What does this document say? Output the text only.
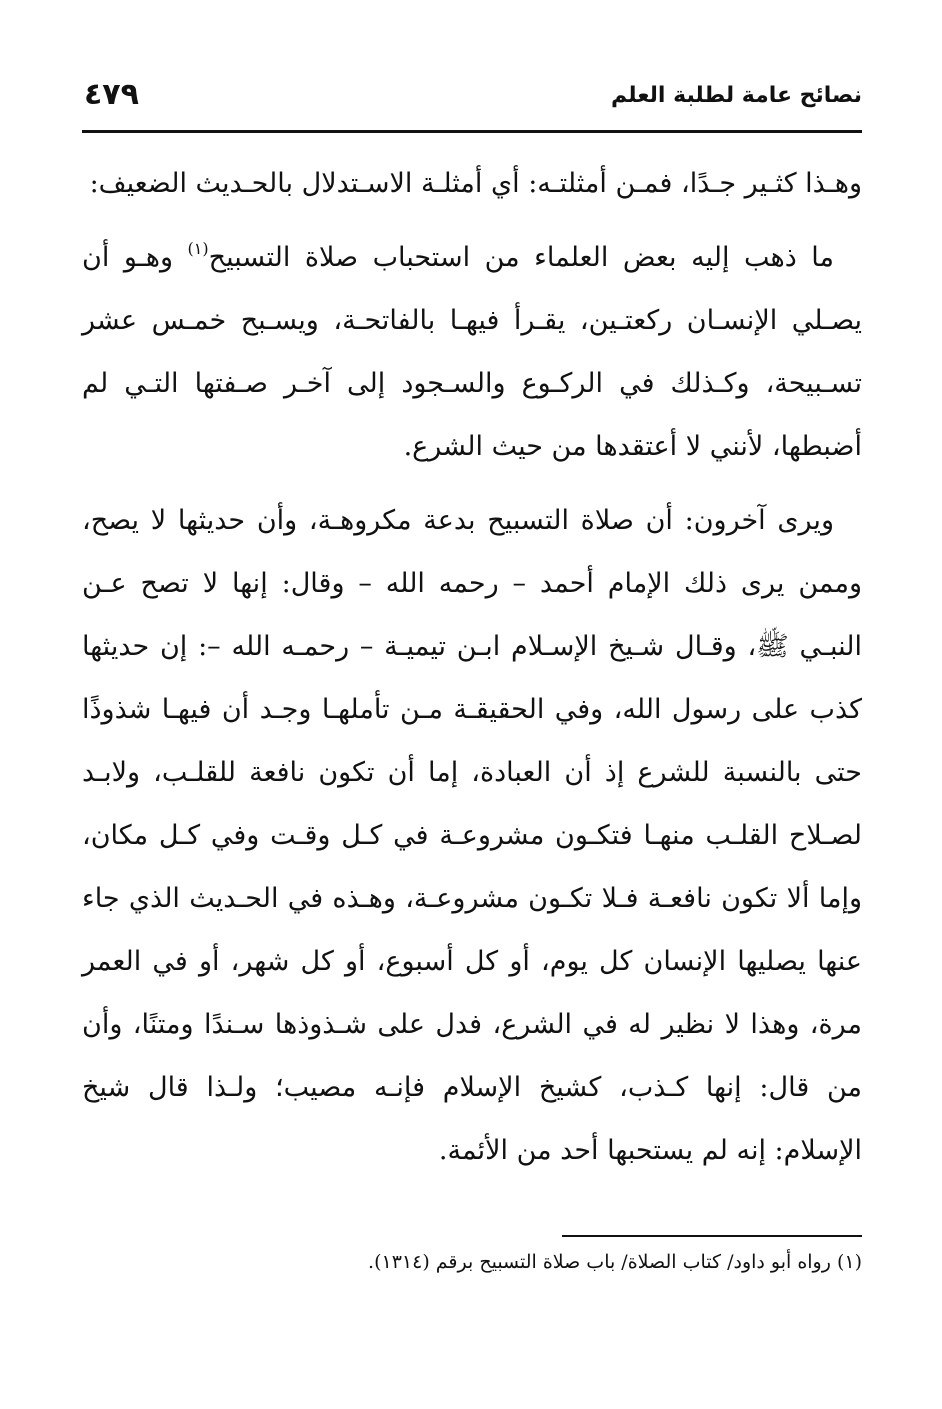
نصائح عامة لطلبة العلم
٤٧٩

وهـذا كثـير جـدًا، فمـن أمثلتـه: أي أمثلـة الاسـتدلال بالحـديث الضعيف:

ما ذهب إليه بعض العلماء من استحباب صلاة التسبيح$^{(١)}$ وهـو أن يصـلي الإنسـان ركعتـين، يقـرأ فيهـا بالفاتحـة، ويسـبح خمـس عشر تسـبيحة، وكـذلك في الركـوع والسـجود إلى آخـر صـفتها التـي لم أضبطها، لأنني لا أعتقدها من حيث الشرع.

ويرى آخرون: أن صلاة التسبيح بدعة مكروهـة، وأن حديثها لا يصح، وممن يرى ذلك الإمام أحمد – رحمه الله – وقال: إنها لا تصح عـن النبـي ﷺ، وقـال شـيخ الإسـلام ابـن تيميـة – رحمـه الله –: إن حديثها كذب على رسول الله، وفي الحقيقـة مـن تأملهـا وجـد أن فيهـا شذوذًا حتى بالنسبة للشرع إذ أن العبادة، إما أن تكون نافعة للقلـب، ولابـد لصـلاح القلـب منهـا فتكـون مشروعـة في كـل وقـت وفي كـل مكان، وإما ألا تكون نافعـة فـلا تكـون مشروعـة، وهـذه في الحـديث الذي جاء عنها يصليها الإنسان كل يوم، أو كل أسبوع، أو كل شهر، أو في العمر مرة، وهذا لا نظير له في الشرع، فدل على شـذوذها سـندًا ومتنًا، وأن من قال: إنها كـذب، كشيخ الإسلام فإنـه مصيب؛ ولـذا قال شيخ الإسلام: إنه لم يستحبها أحد من الأئمة.

(١) رواه أبو داود/ كتاب الصلاة/ باب صلاة التسبيح برقم (١٣١٤).
